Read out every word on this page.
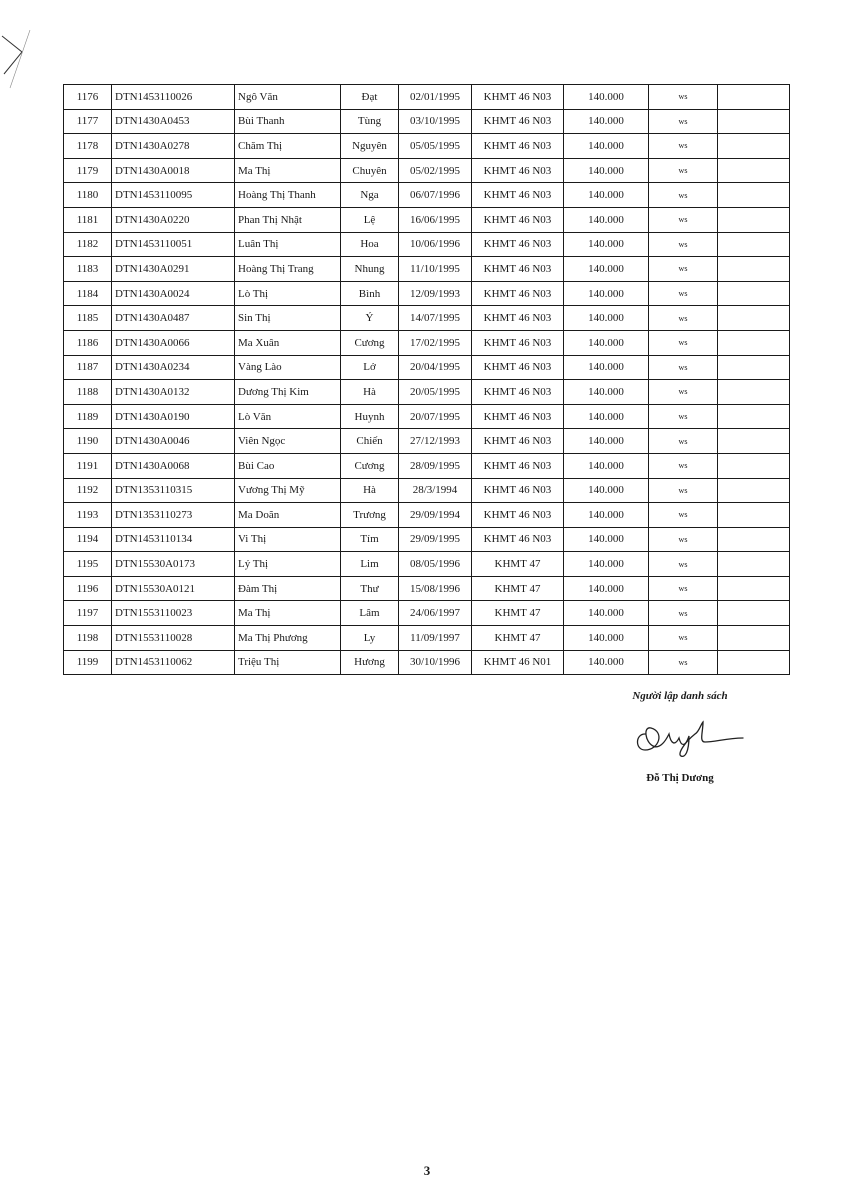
1176	DTN1453110026	Ngô Văn	Đạt	02/01/1995	KHMT 46 N03	140.000	ws	
1177	DTN1430A0453	Bùi Thanh	Tùng	03/10/1995	KHMT 46 N03	140.000	ws	
1178	DTN1430A0278	Chăm Thị	Nguyên	05/05/1995	KHMT 46 N03	140.000	ws	
1179	DTN1430A0018	Ma Thị	Chuyên	05/02/1995	KHMT 46 N03	140.000	ws	
1180	DTN1453110095	Hoàng Thị Thanh	Nga	06/07/1996	KHMT 46 N03	140.000	ws	
1181	DTN1430A0220	Phan Thị Nhật	Lệ	16/06/1995	KHMT 46 N03	140.000	ws	
1182	DTN1453110051	Luân Thị	Hoa	10/06/1996	KHMT 46 N03	140.000	ws	
1183	DTN1430A0291	Hoàng Thị Trang	Nhung	11/10/1995	KHMT 46 N03	140.000	ws	
1184	DTN1430A0024	Lò Thị	Bình	12/09/1993	KHMT 46 N03	140.000	ws	
1185	DTN1430A0487	Sin Thị	Ý	14/07/1995	KHMT 46 N03	140.000	ws	
1186	DTN1430A0066	Ma Xuân	Cương	17/02/1995	KHMT 46 N03	140.000	ws	
1187	DTN1430A0234	Vàng Lào	Lở	20/04/1995	KHMT 46 N03	140.000	ws	
1188	DTN1430A0132	Dương Thị Kim	Hà	20/05/1995	KHMT 46 N03	140.000	ws	
1189	DTN1430A0190	Lò Văn	Huynh	20/07/1995	KHMT 46 N03	140.000	ws	
1190	DTN1430A0046	Viên Ngọc	Chiến	27/12/1993	KHMT 46 N03	140.000	ws	
1191	DTN1430A0068	Bùi Cao	Cương	28/09/1995	KHMT 46 N03	140.000	ws	
1192	DTN1353110315	Vương Thị Mỹ	Hà	28/3/1994	KHMT 46 N03	140.000	ws	
1193	DTN1353110273	Ma Doãn	Trương	29/09/1994	KHMT 46 N03	140.000	ws	
1194	DTN1453110134	Vi Thị	Tím	29/09/1995	KHMT 46 N03	140.000	ws	
1195	DTN15530A0173	Lý Thị	Lim	08/05/1996	KHMT 47	140.000	ws	
1196	DTN15530A0121	Đàm Thị	Thư	15/08/1996	KHMT 47	140.000	ws	
1197	DTN1553110023	Ma Thị	Lâm	24/06/1997	KHMT 47	140.000	ws	
1198	DTN1553110028	Ma Thị Phương	Ly	11/09/1997	KHMT 47	140.000	ws	
1199	DTN1453110062	Triệu Thị	Hương	30/10/1996	KHMT 46 N01	140.000	ws	
Người lập danh sách
Đỗ Thị Dương
3
